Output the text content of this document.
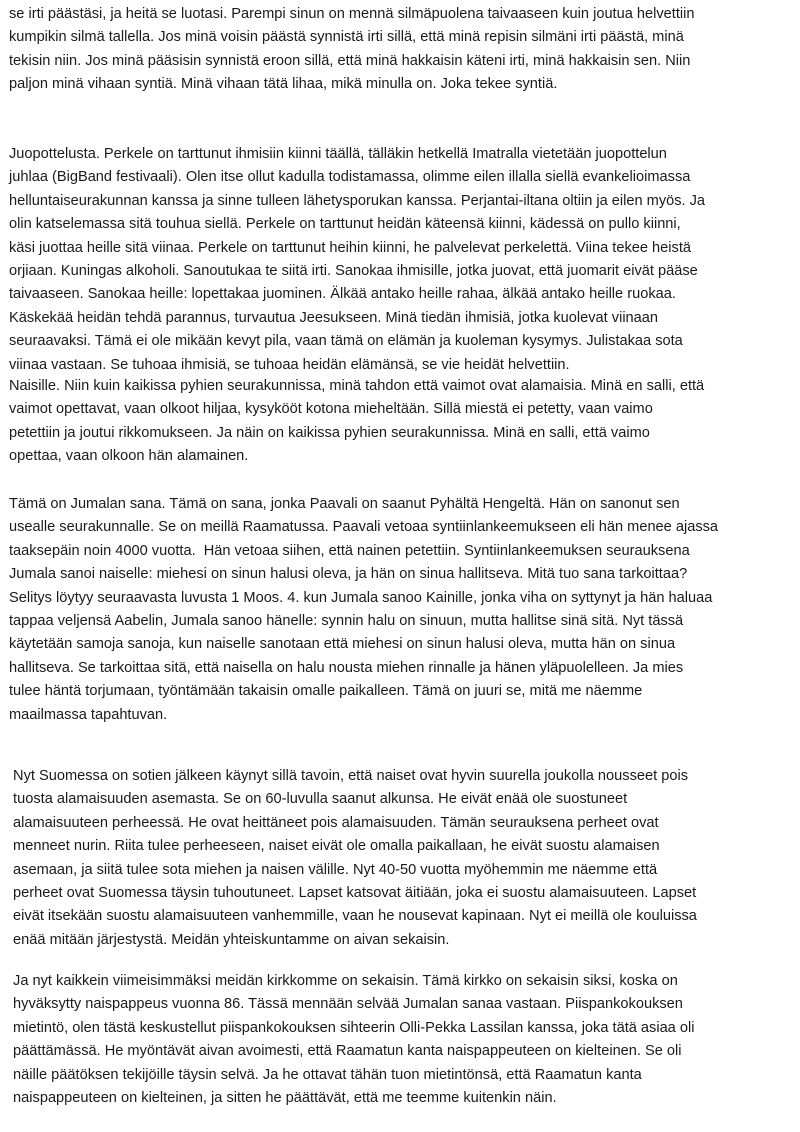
se irti päästäsi, ja heitä se luotasi. Parempi sinun on mennä silmäpuolena taivaaseen kuin joutua helvettiin
kumpikin silmä tallella. Jos minä voisin päästä synnistä irti sillä, että minä repisin silmäni irti päästä, minä
tekisin niin. Jos minä pääsisin synnistä eroon sillä, että minä hakkaisin käteni irti, minä hakkaisin sen. Niin
paljon minä vihaan syntiä. Minä vihaan tätä lihaa, mikä minulla on. Joka tekee syntiä.

Juopottelusta. Perkele on tarttunut ihmisiin kiinni täällä, tälläkin hetkellä Imatralla vietetään juopottelun
juhlaa (BigBand festivaali). Olen itse ollut kadulla todistamassa, olimme eilen illalla siellä evankelioimassa
helluntaiseurakunnan kanssa ja sinne tulleen lähetysporukan kanssa. Perjantai-iltana oltiin ja eilen myös. Ja
olin katselemassa sitä touhua siellä. Perkele on tarttunut heidän käteensä kiinni, kädessä on pullo kiinni,
käsi juottaa heille sitä viinaa. Perkele on tarttunut heihin kiinni, he palvelevat perkelettä. Viina tekee heistä
orjiaan. Kuningas alkoholi. Sanoutukaa te siitä irti. Sanokaa ihmisille, jotka juovat, että juomarit eivät pääse
taivaaseen. Sanokaa heille: lopettakaa juominen. Älkää antako heille rahaa, älkää antako heille ruokaa.
Käskekää heidän tehdä parannus, turvautua Jeesukseen. Minä tiedän ihmisiä, jotka kuolevat viinaan
seuraavaksi. Tämä ei ole mikään kevyt pila, vaan tämä on elämän ja kuoleman kysymys. Julistakaa sota
viinaa vastaan. Se tuhoaa ihmisiä, se tuhoaa heidän elämänsä, se vie heidät helvettiin.

Naisille. Niin kuin kaikissa pyhien seurakunnissa, minä tahdon että vaimot ovat alamaisia. Minä en salli, että
vaimot opettavat, vaan olkoot hiljaa, kysykööt kotona mieheltään. Sillä miestä ei petetty, vaan vaimo
petettiin ja joutui rikkomukseen. Ja näin on kaikissa pyhien seurakunnissa. Minä en salli, että vaimo
opettaa, vaan olkoon hän alamainen.

Tämä on Jumalan sana. Tämä on sana, jonka Paavali on saanut Pyhältä Hengeltä. Hän on sanonut sen
usealle seurakunnalle. Se on meillä Raamatussa. Paavali vetoaa syntiinlankeemukseen eli hän menee ajassa
taaksepäin noin 4000 vuotta.  Hän vetoaa siihen, että nainen petettiin. Syntiinlankeemuksen seurauksena
Jumala sanoi naiselle: miehesi on sinun halusi oleva, ja hän on sinua hallitseva. Mitä tuo sana tarkoittaa?
Selitys löytyy seuraavasta luvusta 1 Moos. 4. kun Jumala sanoo Kainille, jonka viha on syttynyt ja hän haluaa
tappaa veljensä Aabelin, Jumala sanoo hänelle: synnin halu on sinuun, mutta hallitse sinä sitä. Nyt tässä
käytetään samoja sanoja, kun naiselle sanotaan että miehesi on sinun halusi oleva, mutta hän on sinua
hallitseva. Se tarkoittaa sitä, että naisella on halu nousta miehen rinnalle ja hänen yläpuolelleen. Ja mies
tulee häntä torjumaan, työntämään takaisin omalle paikalleen. Tämä on juuri se, mitä me näemme
maailmassa tapahtuvan.

Nyt Suomessa on sotien jälkeen käynyt sillä tavoin, että naiset ovat hyvin suurella joukolla nousseet pois
tuosta alamaisuuden asemasta. Se on 60-luvulla saanut alkunsa. He eivät enää ole suostuneet
alamaisuuteen perheessä. He ovat heittäneet pois alamaisuuden. Tämän seurauksena perheet ovat
menneet nurin. Riita tulee perheeseen, naiset eivät ole omalla paikallaan, he eivät suostu alamaisen
asemaan, ja siitä tulee sota miehen ja naisen välille. Nyt 40-50 vuotta myöhemmin me näemme että
perheet ovat Suomessa täysin tuhoutuneet. Lapset katsovat äitiään, joka ei suostu alamaisuuteen. Lapset
eivät itsekään suostu alamaisuuteen vanhemmille, vaan he nousevat kapinaan. Nyt ei meillä ole kouluissa
enää mitään järjestystä. Meidän yhteiskuntamme on aivan sekaisin.

Ja nyt kaikkein viimeisimmäksi meidän kirkkomme on sekaisin. Tämä kirkko on sekaisin siksi, koska on
hyväksytty naispappeus vuonna 86. Tässä mennään selvää Jumalan sanaa vastaan. Piispankokouksen
mietintö, olen tästä keskustellut piispankokouksen sihteerin Olli-Pekka Lassilan kanssa, joka tätä asiaa oli
päättämässä. He myöntävät aivan avoimesti, että Raamatun kanta naispappeuteen on kielteinen. Se oli
näille päätöksen tekijöille täysin selvä. Ja he ottavat tähän tuon mietintönsä, että Raamatun kanta
naispappeuteen on kielteinen, ja sitten he päättävät, että me teemme kuitenkin näin.
